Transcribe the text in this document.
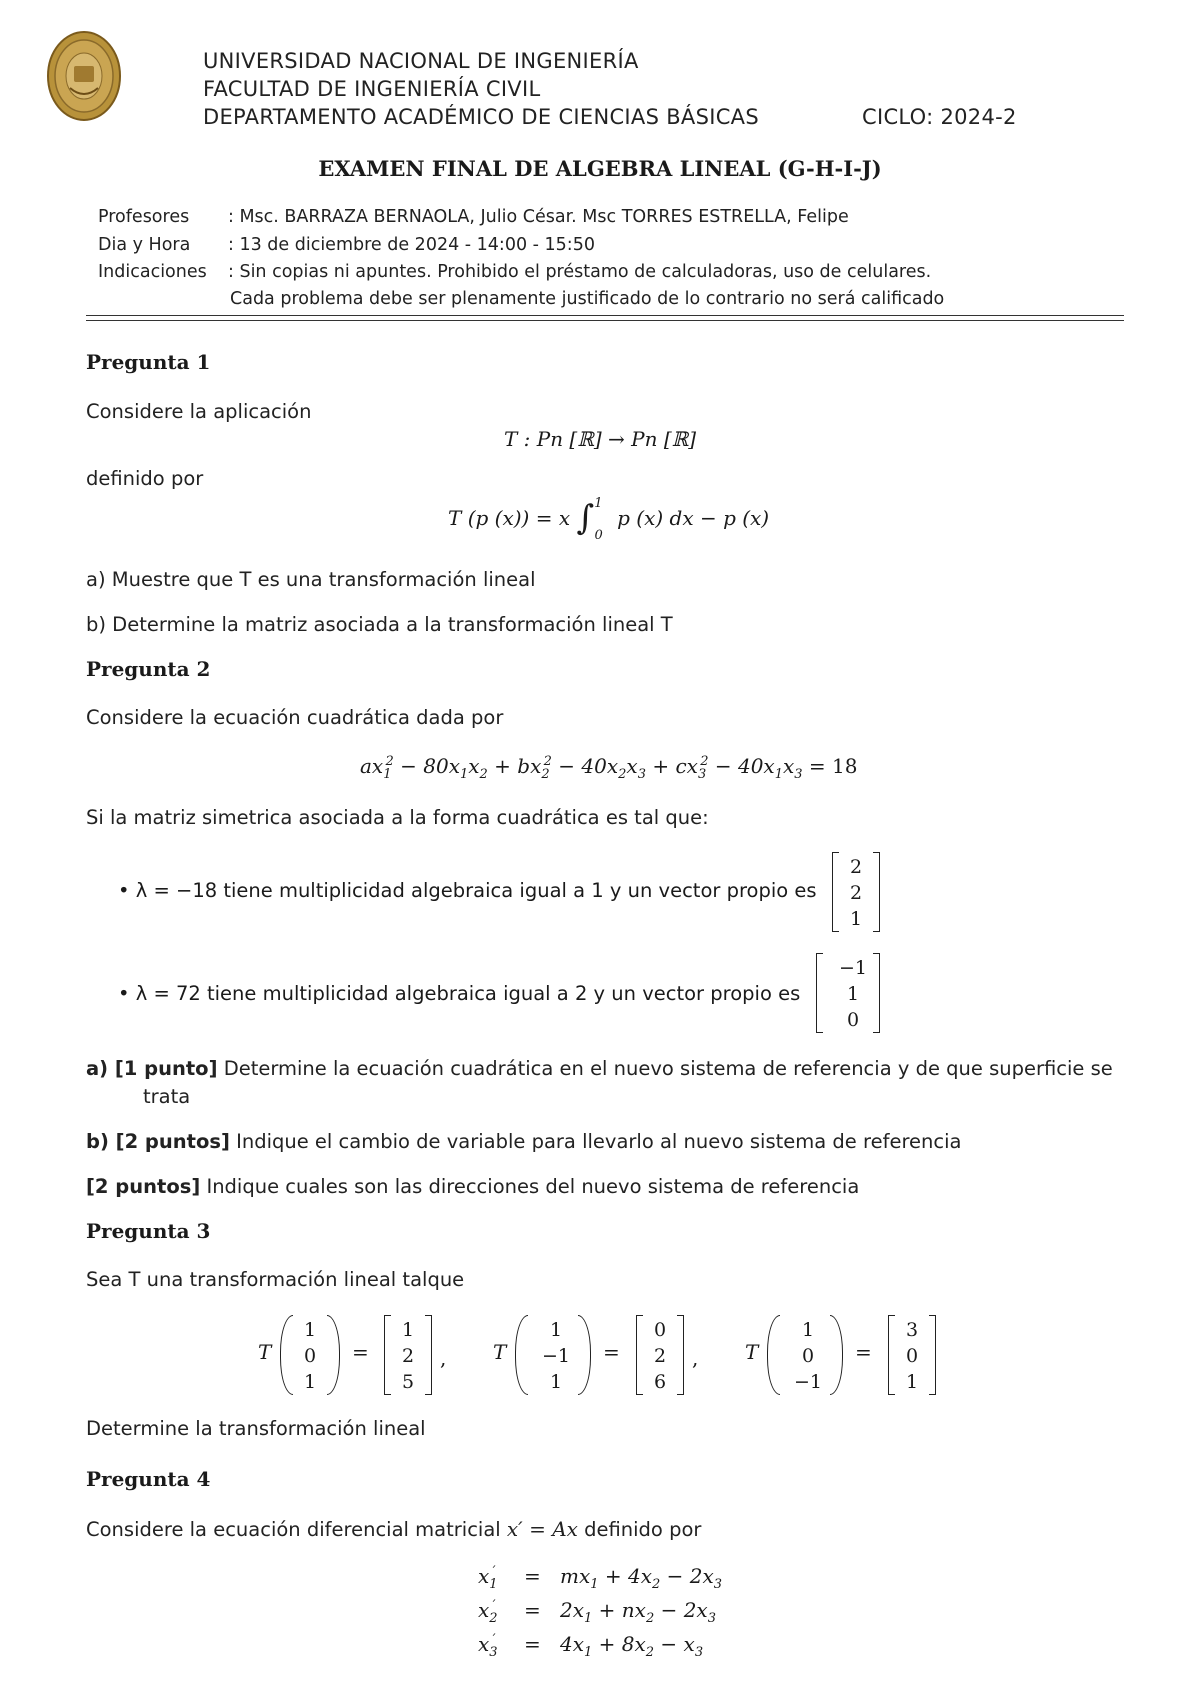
UNIVERSIDAD NACIONAL DE INGENIERÍA
FACULTAD DE INGENIERÍA CIVIL
DEPARTAMENTO ACADÉMICO DE CIENCIAS BÁSICAS	CICLO: 2024-2
EXAMEN FINAL DE ALGEBRA LINEAL (G-H-I-J)
Profesores : Msc. BARRAZA BERNAOLA, Julio César. Msc TORRES ESTRELLA, Felipe
Dia y Hora : 13 de diciembre de 2024 - 14:00 - 15:50
Indicaciones : Sin copias ni apuntes. Prohibido el préstamo de calculadoras, uso de celulares.
Cada problema debe ser plenamente justificado de lo contrario no será calificado
Pregunta 1
Considere la aplicación
T : Pn [ℝ] → Pn [ℝ]
definido por
T (p (x)) = x ∫$^1_0$ p (x) dx − p (x)
a) Muestre que T es una transformación lineal
b) Determine la matriz asociada a la transformación lineal T
Pregunta 2
Considere la ecuación cuadrática dada por
$ax_1^2 - 80x_1x_2 + bx_2^2 - 40x_2x_3 + cx_3^2 - 40x_1x_3 = 18$
Si la matriz simetrica asociada a la forma cuadrática es tal que:
• λ = −18 tiene multiplicidad algebraica igual a 1 y un vector propio es
2
2
1
• λ = 72 tiene multiplicidad algebraica igual a 2 y un vector propio es
−1
1
0
a) [1 punto] Determine la ecuación cuadrática en el nuevo sistema de referencia y de que superficie se
trata
b) [2 puntos] Indique el cambio de variable para llevarlo al nuevo sistema de referencia
[2 puntos] Indique cuales son las direcciones del nuevo sistema de referencia
Pregunta 3
Sea T una transformación lineal talque
T
1
0
1
=
1
2
5
, T
1
−1
1
=
0
2
6
, T
1
0
−1
=
3
0
1
Determine la transformación lineal
Pregunta 4
Considere la ecuación diferencial matricial x′ = Ax definido por
$x_1' = mx_1 + 4x_2 - 2x_3$
$x_2' = 2x_1 + nx_2 - 2x_3$
$x_3' = 4x_1 + 8x_2 - x_3$
